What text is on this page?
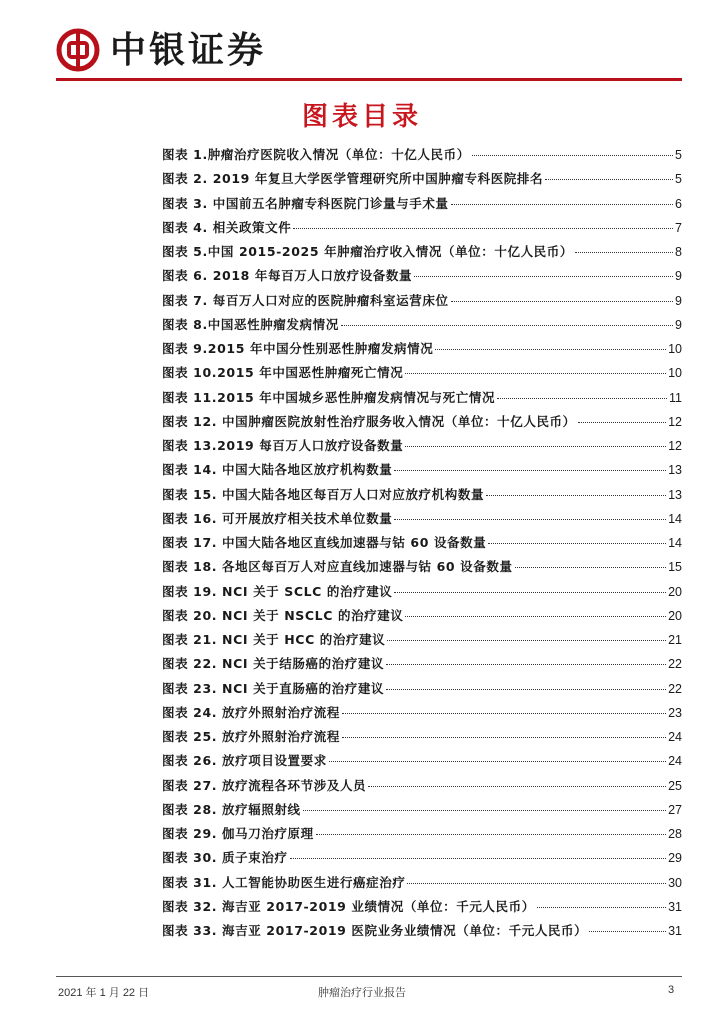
中银证券
图表目录
图表 1.肿瘤治疗医院收入情况（单位：十亿人民币）	5
图表 2. 2019 年复旦大学医学管理研究所中国肿瘤专科医院排名	5
图表 3. 中国前五名肿瘤专科医院门诊量与手术量	6
图表 4. 相关政策文件	7
图表 5.中国 2015-2025 年肿瘤治疗收入情况（单位：十亿人民币）	8
图表 6. 2018 年每百万人口放疗设备数量	9
图表 7. 每百万人口对应的医院肿瘤科室运营床位	9
图表 8.中国恶性肿瘤发病情况	9
图表 9.2015 年中国分性别恶性肿瘤发病情况	10
图表 10.2015 年中国恶性肿瘤死亡情况	10
图表 11.2015 年中国城乡恶性肿瘤发病情况与死亡情况	11
图表 12. 中国肿瘤医院放射性治疗服务收入情况（单位：十亿人民币）	12
图表 13.2019 每百万人口放疗设备数量	12
图表 14. 中国大陆各地区放疗机构数量	13
图表 15. 中国大陆各地区每百万人口对应放疗机构数量	13
图表 16. 可开展放疗相关技术单位数量	14
图表 17. 中国大陆各地区直线加速器与钴 60 设备数量	14
图表 18. 各地区每百万人对应直线加速器与钴 60 设备数量	15
图表 19. NCI 关于 SCLC 的治疗建议	20
图表 20. NCI 关于 NSCLC 的治疗建议	20
图表 21. NCI 关于 HCC 的治疗建议	21
图表 22. NCI 关于结肠癌的治疗建议	22
图表 23. NCI 关于直肠癌的治疗建议	22
图表 24. 放疗外照射治疗流程	23
图表 25. 放疗外照射治疗流程	24
图表 26. 放疗项目设置要求	24
图表 27. 放疗流程各环节涉及人员	25
图表 28. 放疗辐照射线	27
图表 29. 伽马刀治疗原理	28
图表 30. 质子束治疗	29
图表 31. 人工智能协助医生进行癌症治疗	30
图表 32. 海吉亚 2017-2019 业绩情况（单位：千元人民币）	31
图表 33. 海吉亚 2017-2019 医院业务业绩情况（单位：千元人民币）	31
2021 年 1 月 22 日	肿瘤治疗行业报告	3
